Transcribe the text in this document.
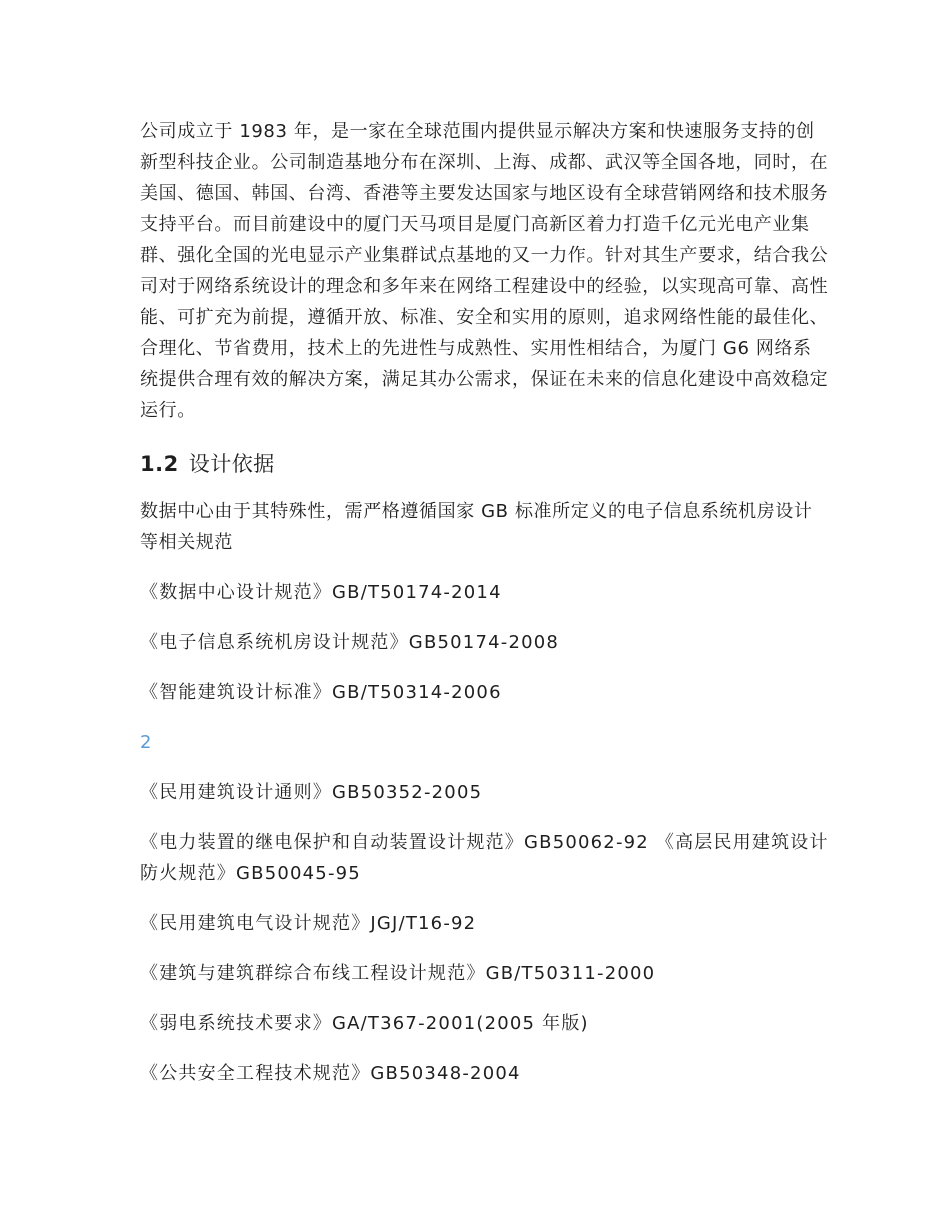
公司成立于 1983 年，是一家在全球范围内提供显示解决方案和快速服务支持的创新型科技企业。公司制造基地分布在深圳、上海、成都、武汉等全国各地，同时，在美国、德国、韩国、台湾、香港等主要发达国家与地区设有全球营销网络和技术服务支持平台。而目前建设中的厦门天马项目是厦门高新区着力打造千亿元光电产业集群、强化全国的光电显示产业集群试点基地的又一力作。针对其生产要求，结合我公司对于网络系统设计的理念和多年来在网络工程建设中的经验，以实现高可靠、高性能、可扩充为前提，遵循开放、标准、安全和实用的原则，追求网络性能的最佳化、合理化、节省费用，技术上的先进性与成熟性、实用性相结合，为厦门 G6 网络系统提供合理有效的解决方案，满足其办公需求，保证在未来的信息化建设中高效稳定运行。

1.2 设计依据

数据中心由于其特殊性，需严格遵循国家 GB 标准所定义的电子信息系统机房设计等相关规范

《数据中心设计规范》GB/T50174-2014

《电子信息系统机房设计规范》GB50174-2008

《智能建筑设计标准》GB/T50314-2006

2

《民用建筑设计通则》GB50352-2005

《电力装置的继电保护和自动装置设计规范》GB50062-92 《高层民用建筑设计防火规范》GB50045-95

《民用建筑电气设计规范》JGJ/T16-92

《建筑与建筑群综合布线工程设计规范》GB/T50311-2000

《弱电系统技术要求》GA/T367-2001(2005 年版)

《公共安全工程技术规范》GB50348-2004
